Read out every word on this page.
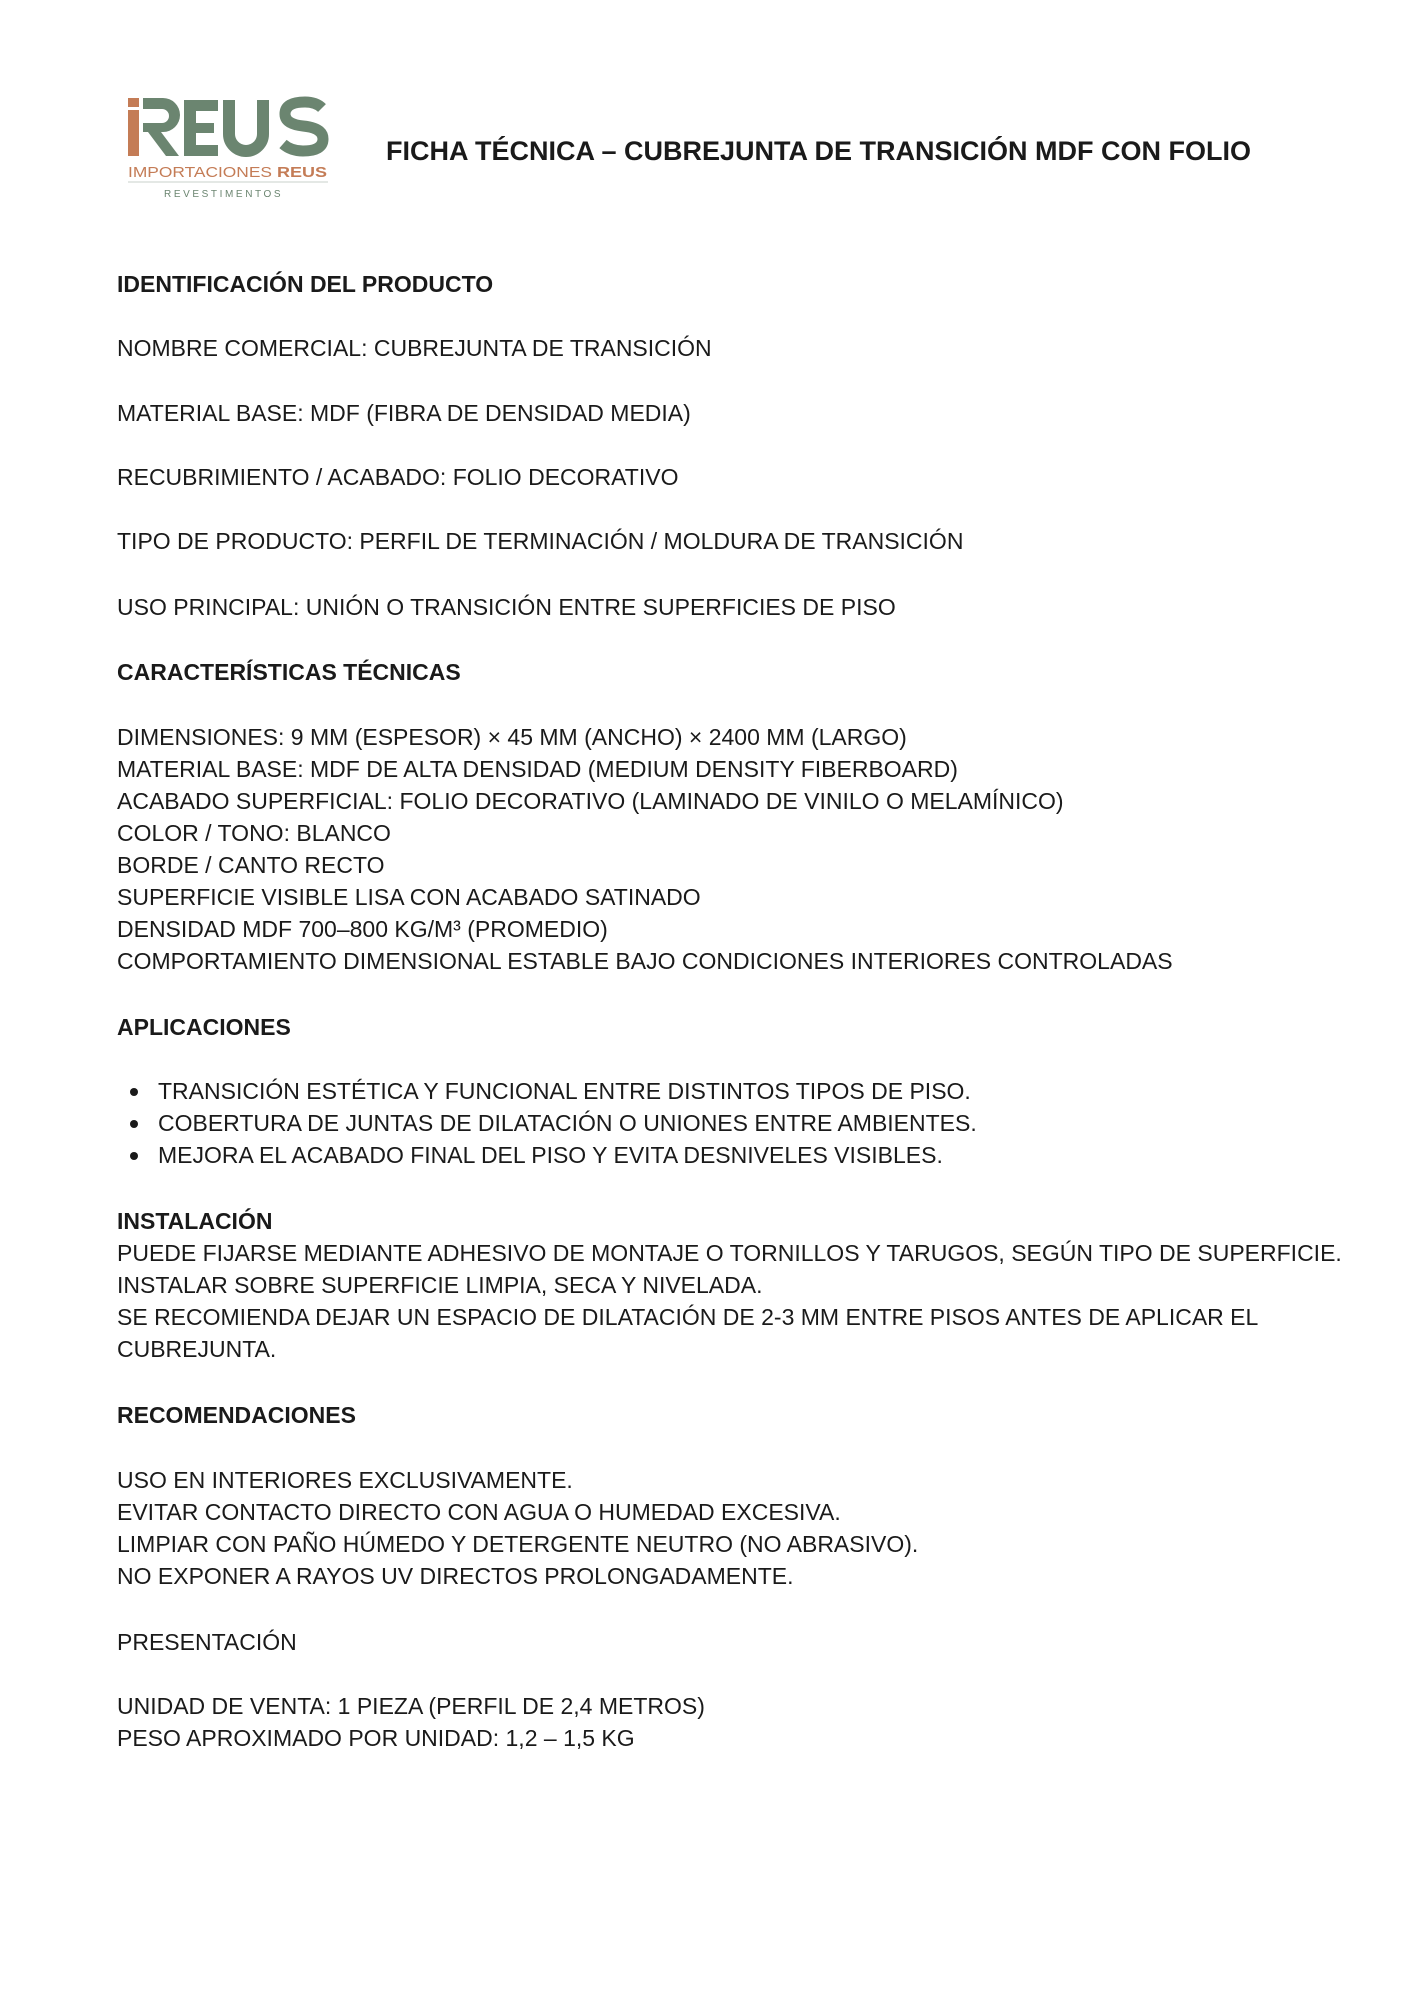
IMPORTACIONES REUS
REVESTIMENTOS
FICHA TÉCNICA – CUBREJUNTA DE TRANSICIÓN MDF CON FOLIO

IDENTIFICACIÓN DEL PRODUCTO

NOMBRE COMERCIAL: CUBREJUNTA DE TRANSICIÓN

MATERIAL BASE: MDF (FIBRA DE DENSIDAD MEDIA)

RECUBRIMIENTO / ACABADO: FOLIO DECORATIVO

TIPO DE PRODUCTO: PERFIL DE TERMINACIÓN / MOLDURA DE TRANSICIÓN

USO PRINCIPAL: UNIÓN O TRANSICIÓN ENTRE SUPERFICIES DE PISO

CARACTERÍSTICAS TÉCNICAS

DIMENSIONES: 9 MM (ESPESOR) × 45 MM (ANCHO) × 2400 MM (LARGO)

MATERIAL BASE: MDF DE ALTA DENSIDAD (MEDIUM DENSITY FIBERBOARD)

ACABADO SUPERFICIAL: FOLIO DECORATIVO (LAMINADO DE VINILO O MELAMÍNICO)

COLOR / TONO: BLANCO

BORDE / CANTO RECTO

SUPERFICIE VISIBLE LISA CON ACABADO SATINADO

DENSIDAD MDF 700–800 KG/M³ (PROMEDIO)

COMPORTAMIENTO DIMENSIONAL ESTABLE BAJO CONDICIONES INTERIORES CONTROLADAS

APLICACIONES

TRANSICIÓN ESTÉTICA Y FUNCIONAL ENTRE DISTINTOS TIPOS DE PISO.
COBERTURA DE JUNTAS DE DILATACIÓN O UNIONES ENTRE AMBIENTES.
MEJORA EL ACABADO FINAL DEL PISO Y EVITA DESNIVELES VISIBLES.

INSTALACIÓN

PUEDE FIJARSE MEDIANTE ADHESIVO DE MONTAJE O TORNILLOS Y TARUGOS, SEGÚN TIPO DE SUPERFICIE.

INSTALAR SOBRE SUPERFICIE LIMPIA, SECA Y NIVELADA.

SE RECOMIENDA DEJAR UN ESPACIO DE DILATACIÓN DE 2-3 MM ENTRE PISOS ANTES DE APLICAR EL

CUBREJUNTA.

RECOMENDACIONES

USO EN INTERIORES EXCLUSIVAMENTE.

EVITAR CONTACTO DIRECTO CON AGUA O HUMEDAD EXCESIVA.

LIMPIAR CON PAÑO HÚMEDO Y DETERGENTE NEUTRO (NO ABRASIVO).

NO EXPONER A RAYOS UV DIRECTOS PROLONGADAMENTE.

PRESENTACIÓN

UNIDAD DE VENTA: 1 PIEZA (PERFIL DE 2,4 METROS)

PESO APROXIMADO POR UNIDAD: 1,2 – 1,5 KG
